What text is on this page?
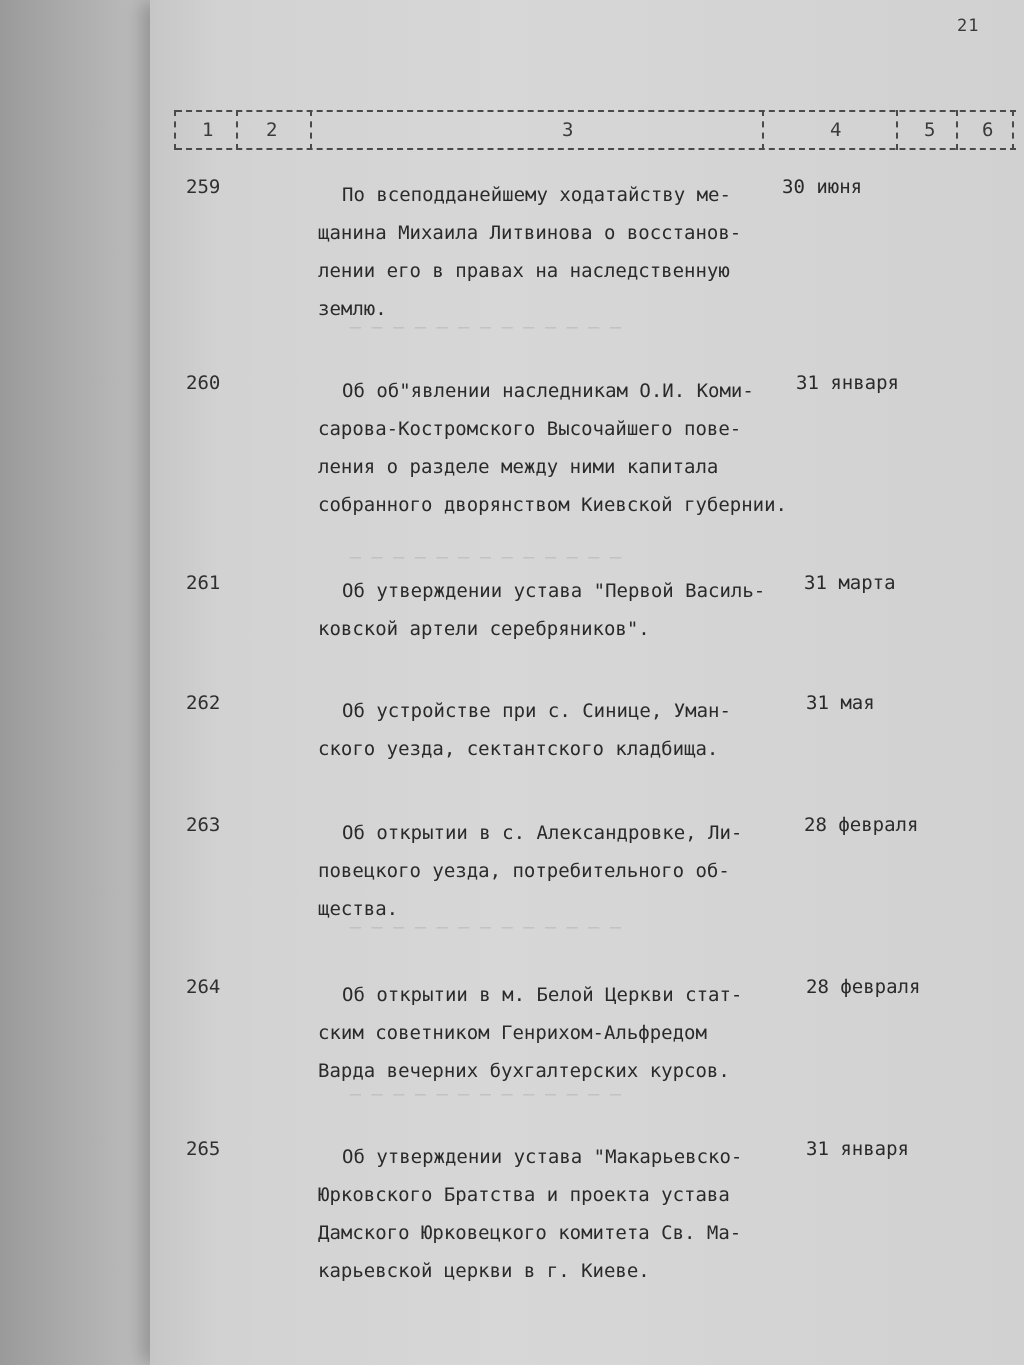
─ ─ ─ ─ ─ ─ ─ ─ ─ ─ ─ ─ ─
─ ─ ─ ─ ─ ─ ─ ─ ─ ─ ─ ─ ─
─ ─ ─ ─ ─ ─ ─ ─ ─ ─ ─ ─ ─
─ ─ ─ ─ ─ ─ ─ ─ ─ ─ ─ ─ ─
21
1	2	3	4	5 6
259	По всеподданейшему ходатайству ме-
щанина Михаила Литвинова о восстанов-
лении его в правах на наследственную
землю.

30 июня
260	Об об"явлении наследникам О.И. Коми-
сарова-Костромского Высочайшего пове-
ления о разделе между ними капитала
собранного дворянством Киевской губернии.

31 января
261	Об утверждении устава "Первой Василь-
ковской артели серебряников".

31 марта
262	Об устройстве при с. Синице, Уман-
ского уезда, сектантского кладбища.

31 мая
263	Об открытии в с. Александровке, Ли-
повецкого уезда, потребительного об-
щества.

28 февраля
264	Об открытии в м. Белой Церкви стат-
ским советником Генрихом-Альфредом
Варда вечерних бухгалтерских курсов.

28 февраля
265	Об утверждении устава "Макарьевско-
Юрковского Братства и проекта устава
Дамского Юрковецкого комитета Св. Ма-
карьевской церкви в г. Киеве.

31 января
